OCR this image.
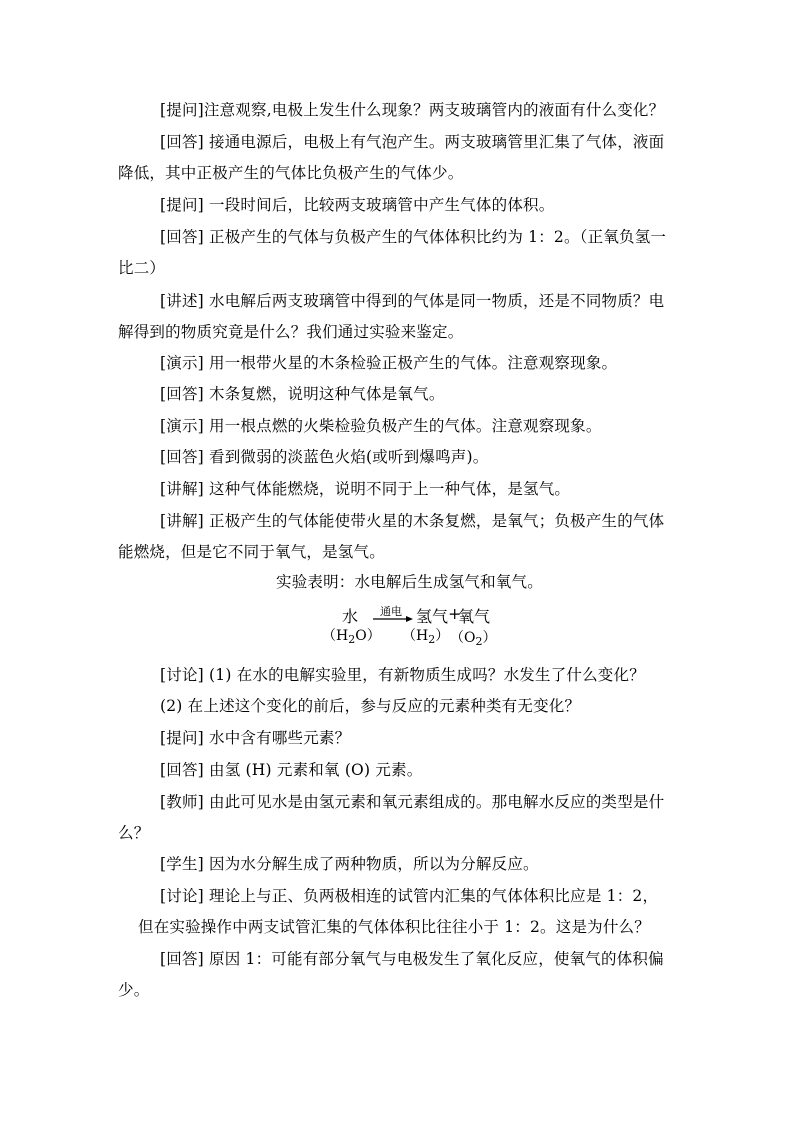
[提问]注意观察,电极上发生什么现象？两支玻璃管内的液面有什么变化？
[回答] 接通电源后，电极上有气泡产生。两支玻璃管里汇集了气体，液面降低，其中正极产生的气体比负极产生的气体少。
[提问] 一段时间后，比较两支玻璃管中产生气体的体积。
[回答] 正极产生的气体与负极产生的气体体积比约为 1：2。（正氧负氢一比二）
[讲述] 水电解后两支玻璃管中得到的气体是同一物质，还是不同物质？电解得到的物质究竟是什么？我们通过实验来鉴定。
[演示] 用一根带火星的木条检验正极产生的气体。注意观察现象。
[回答] 木条复燃，说明这种气体是氧气。
[演示] 用一根点燃的火柴检验负极产生的气体。注意观察现象。
[回答] 看到微弱的淡蓝色火焰(或听到爆鸣声)。
[讲解] 这种气体能燃烧，说明不同于上一种气体，是氢气。
[讲解] 正极产生的气体能使带火星的木条复燃，是氧气；负极产生的气体能燃烧，但是它不同于氧气，是氢气。
实验表明：水电解后生成氢气和氧气。
水 通电 → 氢气 +
氧气
$(H_2O)$ $(H_2)$ $(O_2)$
[讨论] (1) 在水的电解实验里，有新物质生成吗？水发生了什么变化？
(2) 在上述这个变化的前后，参与反应的元素种类有无变化？
[提问] 水中含有哪些元素？
[回答] 由氢 (H) 元素和氧 (O) 元素。
[教师] 由此可见水是由氢元素和氧元素组成的。那电解水反应的类型是什么？
[学生] 因为水分解生成了两种物质，所以为分解反应。
[讨论] 理论上与正、负两极相连的试管内汇集的气体体积比应是 1：2，
但在实验操作中两支试管汇集的气体体积比往往小于 1：2。这是为什么？
[回答] 原因 1：可能有部分氧气与电极发生了氧化反应，使氧气的体积偏少。
